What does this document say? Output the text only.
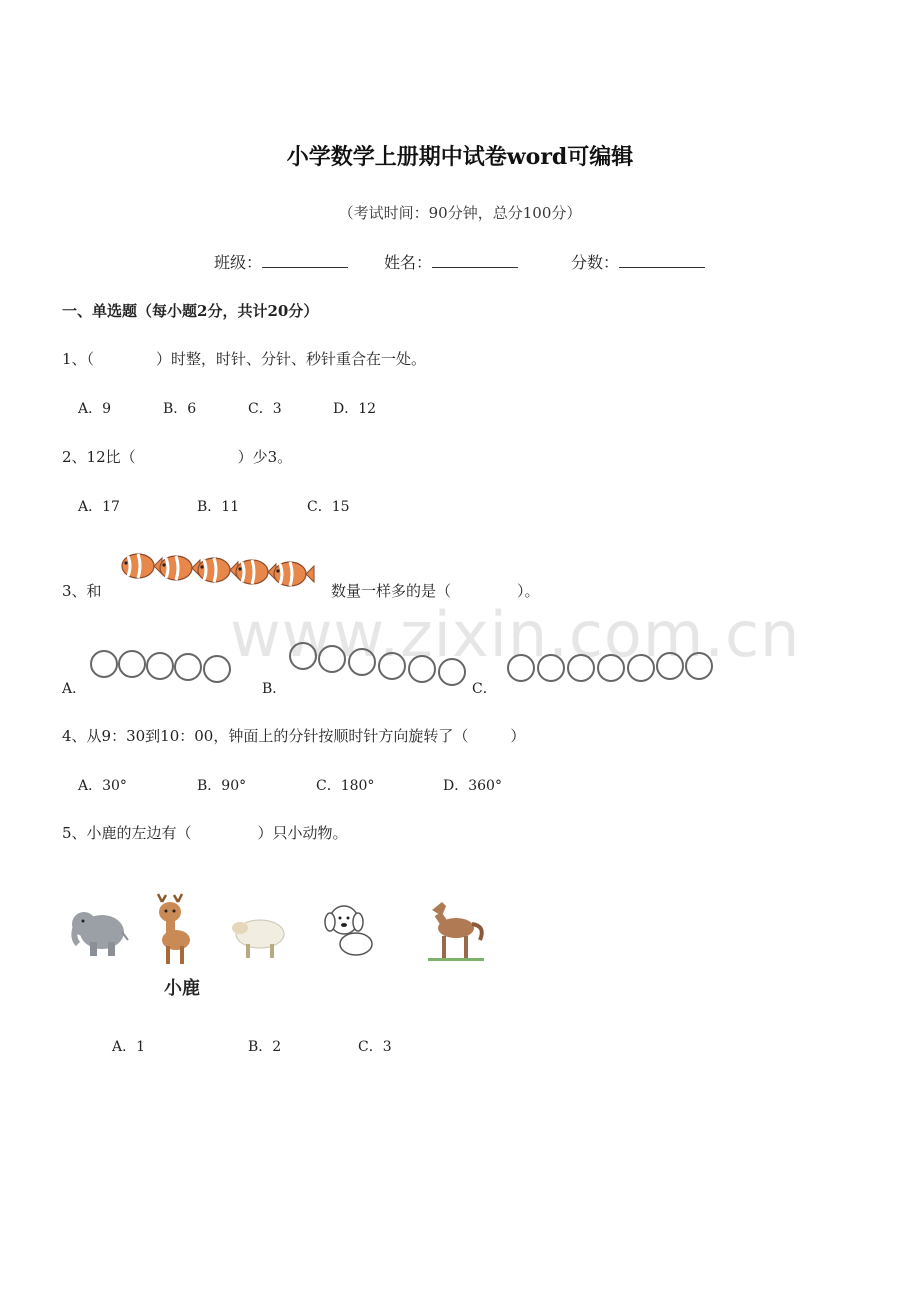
www.zixin.com.cn
小学数学上册期中试卷word可编辑
（考试时间：90分钟，总分100分）
班级：	姓名：	分数：
一、单选题（每小题2分，共计20分）
1、（	）时整，时针、分针、秒针重合在一处。
A．9	B．6	C．3	D．12
2、12比（	）少3。
A．17	B．11	C．15
3、和	数量一样多的是（	）。
A．	B．	C．
4、从9：30到10：00，钟面上的分针按顺时针方向旋转了（	）
A．30°	B．90°	C．180°	D．360°
5、小鹿的左边有（	）只小动物。
小鹿
A．1	B．2	C．3
